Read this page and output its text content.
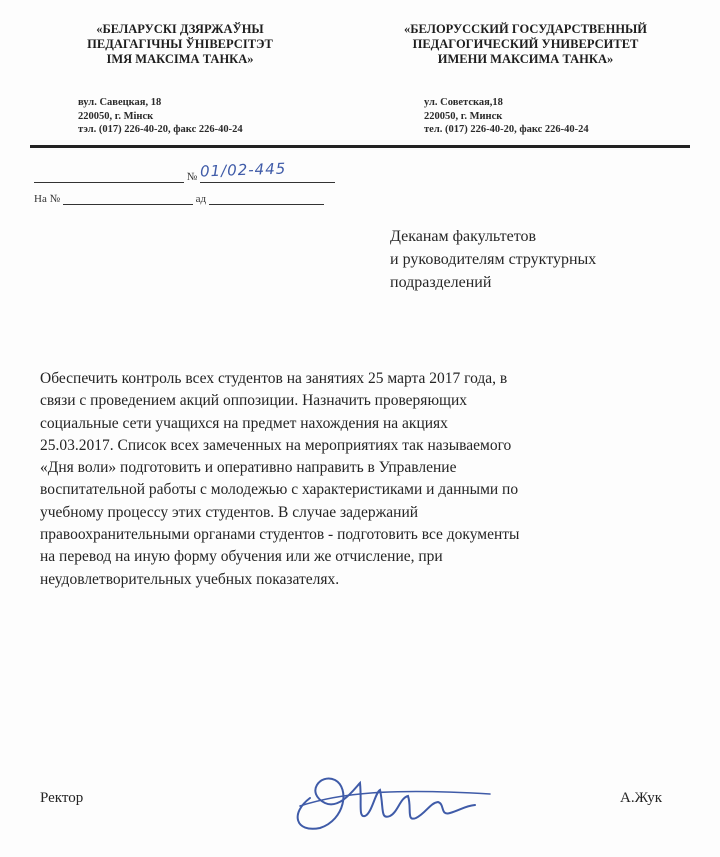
«БЕЛАРУСКI ДЗЯРЖАЎНЫ
ПЕДАГАГIЧНЫ ЎНIВЕРСIТЭТ
IМЯ МАКСIМА ТАНКА»
«БЕЛОРУССКИЙ ГОСУДАРСТВЕННЫЙ
ПЕДАГОГИЧЕСКИЙ УНИВЕРСИТЕТ
ИМЕНИ МАКСИМА ТАНКА»
вул. Савецкая, 18
220050, г. Мiнск
тэл. (017) 226-40-20, факс 226-40-24
ул. Советская,18
220050, г. Минск
тел. (017) 226-40-20, факс 226-40-24
№ 01/02-445
На №	ад
Деканам факультетов
и руководителям структурных
подразделений
Обеспечить контроль всех студентов на занятиях 25 марта 2017 года, в
связи с проведением акций оппозиции. Назначить проверяющих
социальные сети учащихся на предмет нахождения на акциях
25.03.2017. Список всех замеченных на мероприятиях так называемого
«Дня воли» подготовить и оперативно направить в Управление
воспитательной работы с молодежью с характеристиками и данными по
учебному процессу этих студентов. В случае задержаний
правоохранительными органами студентов - подготовить все документы
на перевод на иную форму обучения или же отчисление, при
неудовлетворительных учебных показателях.
Ректор	А.Жук
